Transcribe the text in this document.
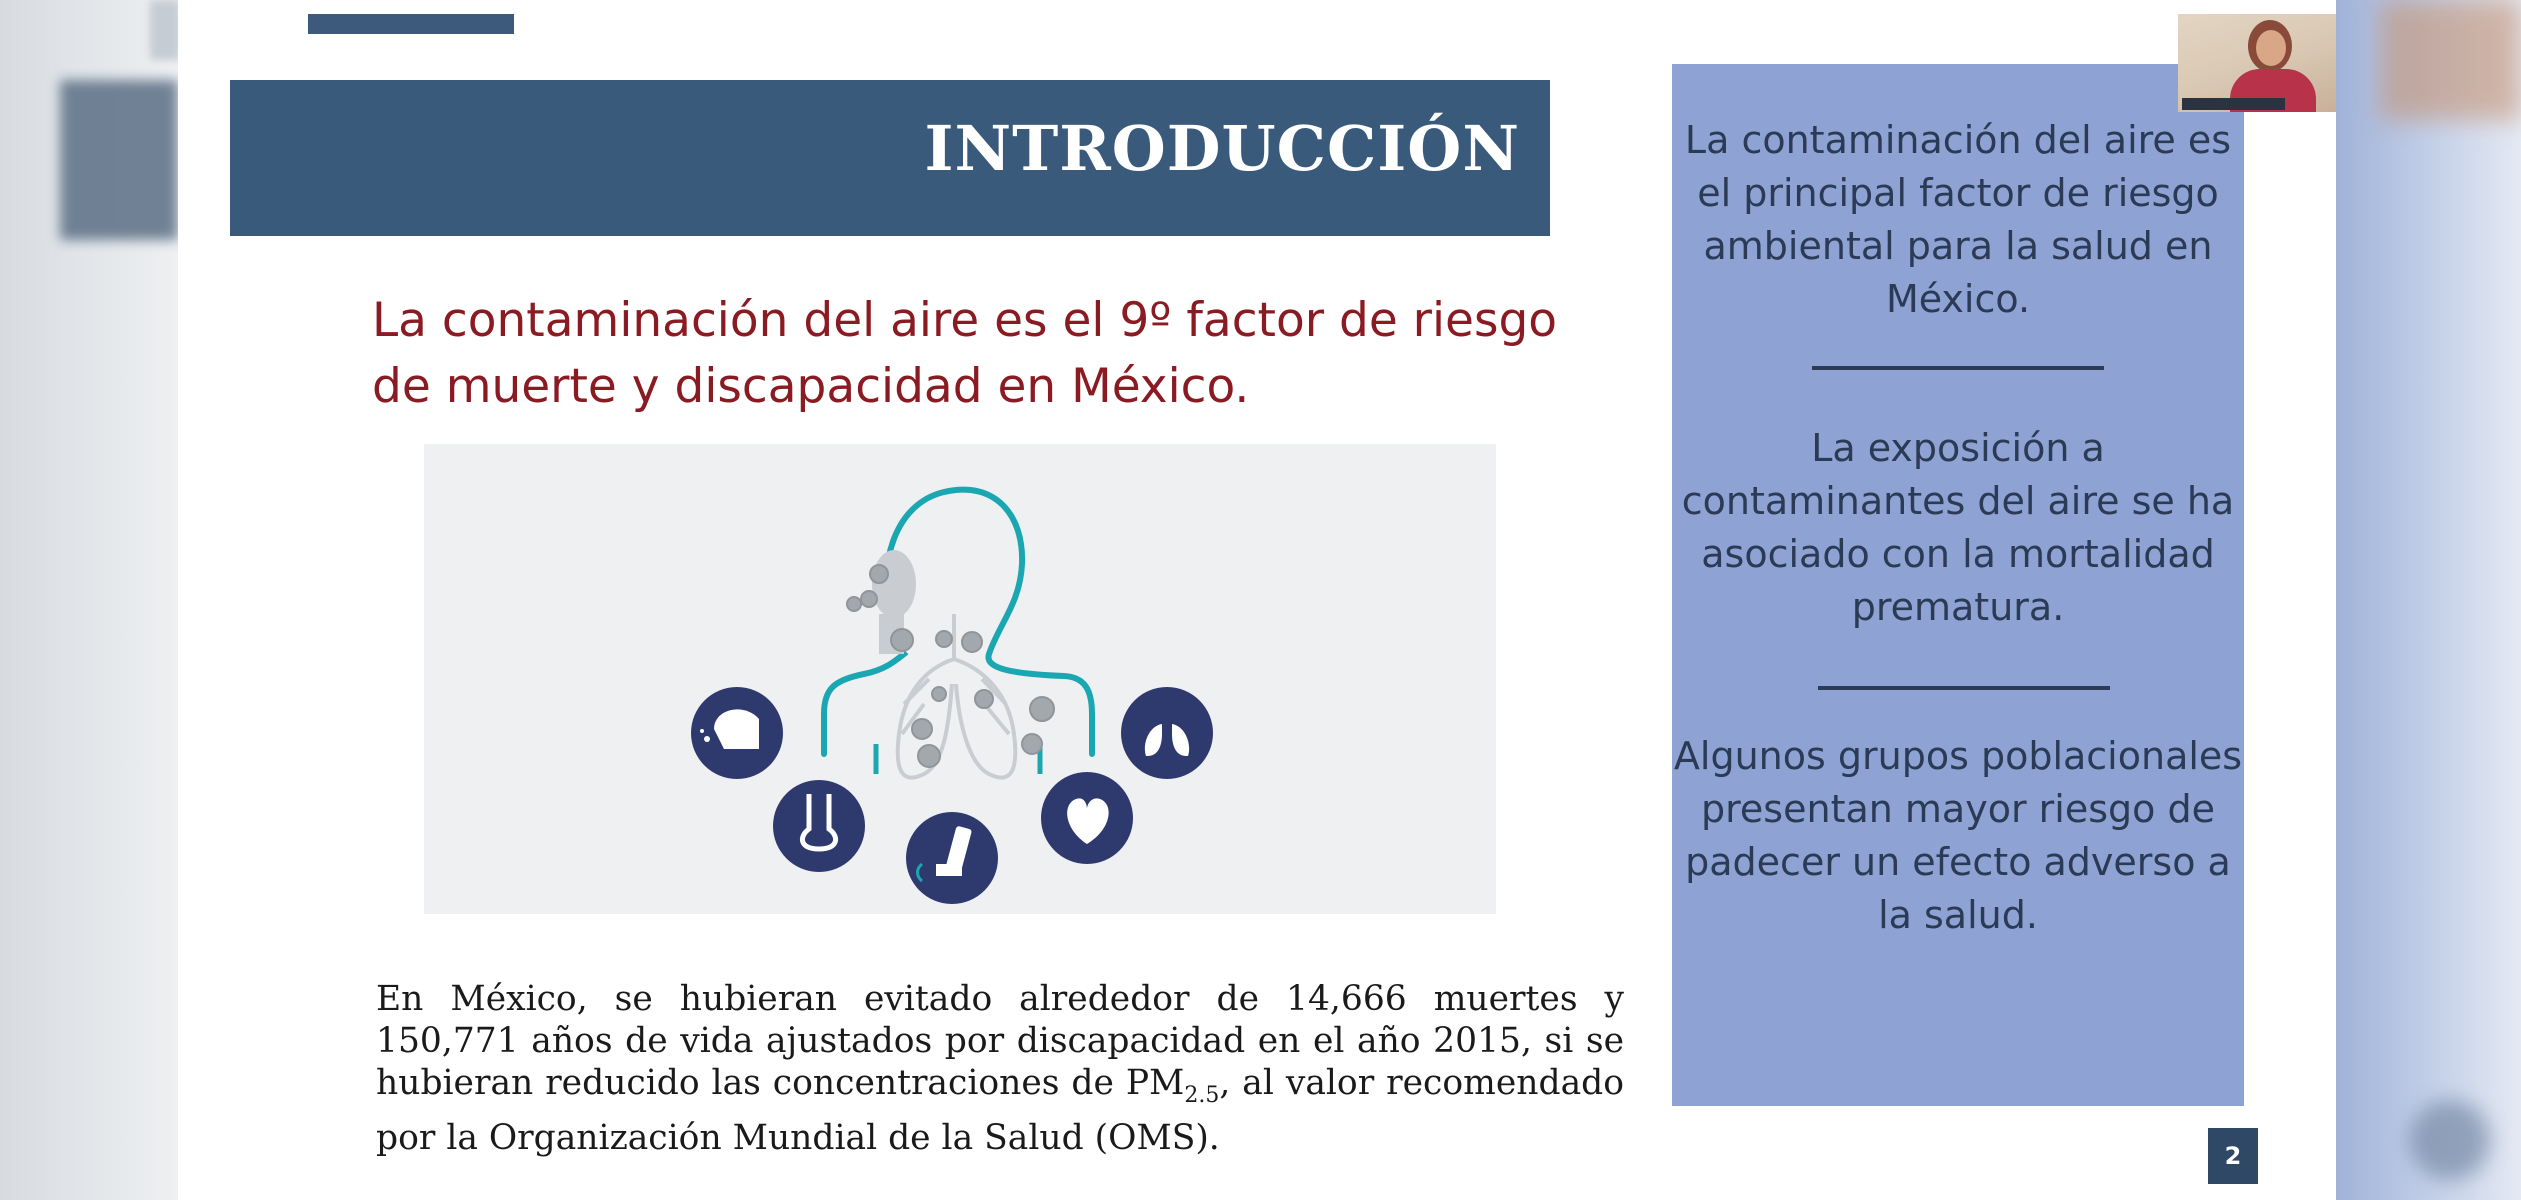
INTRODUCCIÓN
La contaminación del aire es el 9º factor de riesgo de muerte y discapacidad en México.
En México, se hubieran evitado alrededor de 14,666 muertes y 150,771 años de vida ajustados por discapacidad en el año 2015, si se hubieran reducido las concentraciones de $PM_{2.5}$, al valor recomendado por la Organización Mundial de la Salud (OMS).
La contaminación del aire es el principal factor de riesgo ambiental para la salud en México.
La exposición a contaminantes del aire se ha asociado con la mortalidad prematura.
Algunos grupos poblacionales presentan mayor riesgo de padecer un efecto adverso a la salud.
2
